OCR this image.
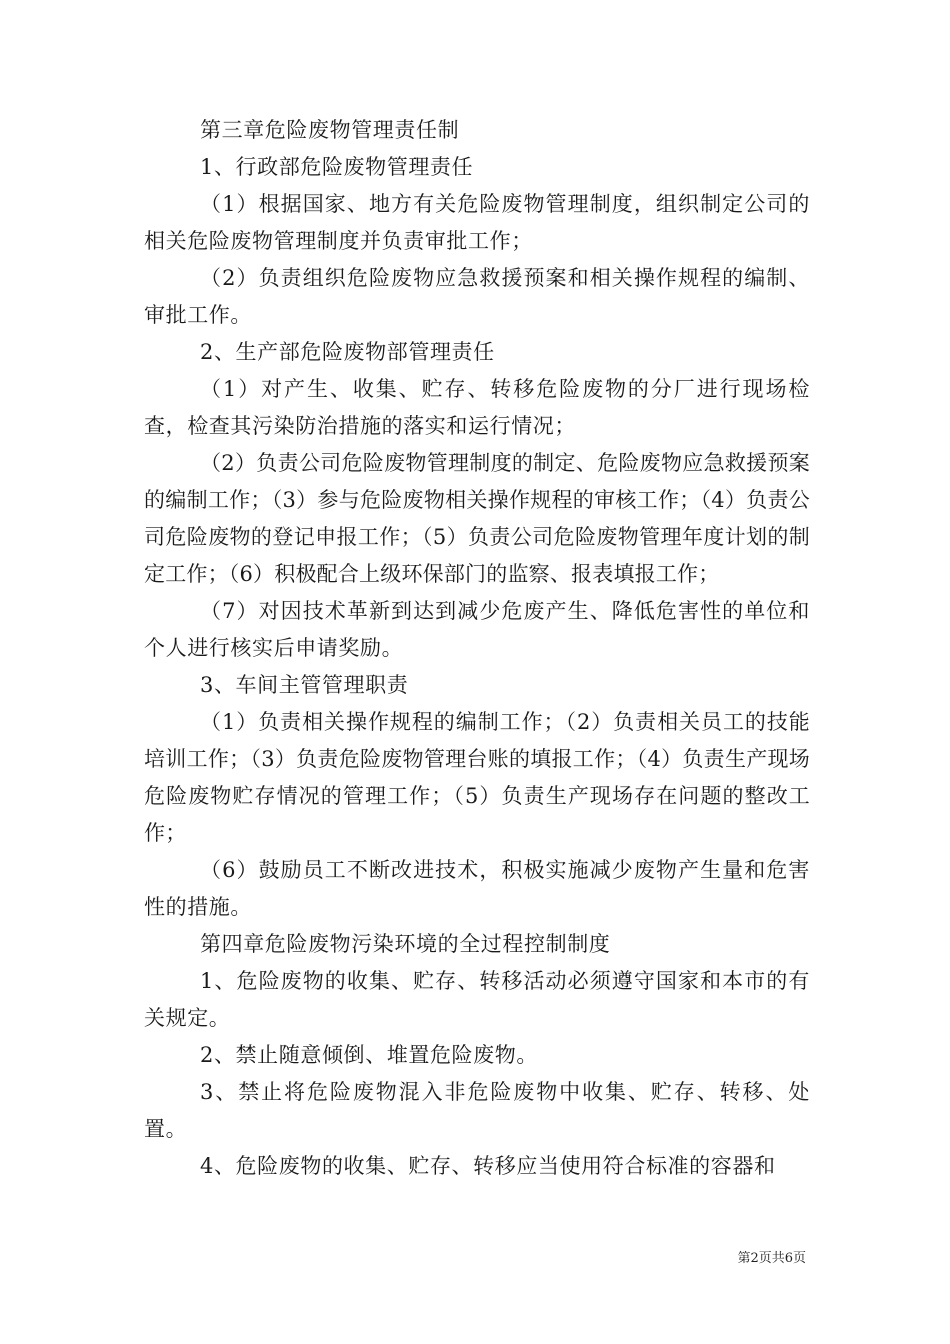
第三章危险废物管理责任制

1、行政部危险废物管理责任

（1）根据国家、地方有关危险废物管理制度，组织制定公司的相关危险废物管理制度并负责审批工作；

（2）负责组织危险废物应急救援预案和相关操作规程的编制、审批工作。

2、生产部危险废物部管理责任

（1）对产生、收集、贮存、转移危险废物的分厂进行现场检查，检查其污染防治措施的落实和运行情况；

（2）负责公司危险废物管理制度的制定、危险废物应急救援预案的编制工作；（3）参与危险废物相关操作规程的审核工作；（4）负责公司危险废物的登记申报工作；（5）负责公司危险废物管理年度计划的制定工作；（6）积极配合上级环保部门的监察、报表填报工作；

（7）对因技术革新到达到减少危废产生、降低危害性的单位和个人进行核实后申请奖励。

3、车间主管管理职责

（1）负责相关操作规程的编制工作；（2）负责相关员工的技能培训工作；（3）负责危险废物管理台账的填报工作；（4）负责生产现场危险废物贮存情况的管理工作；（5）负责生产现场存在问题的整改工作；

（6）鼓励员工不断改进技术，积极实施减少废物产生量和危害性的措施。

第四章危险废物污染环境的全过程控制制度

1、危险废物的收集、贮存、转移活动必须遵守国家和本市的有关规定。

2、禁止随意倾倒、堆置危险废物。

3、禁止将危险废物混入非危险废物中收集、贮存、转移、处置。

4、危险废物的收集、贮存、转移应当使用符合标准的容器和

第2页共6页
